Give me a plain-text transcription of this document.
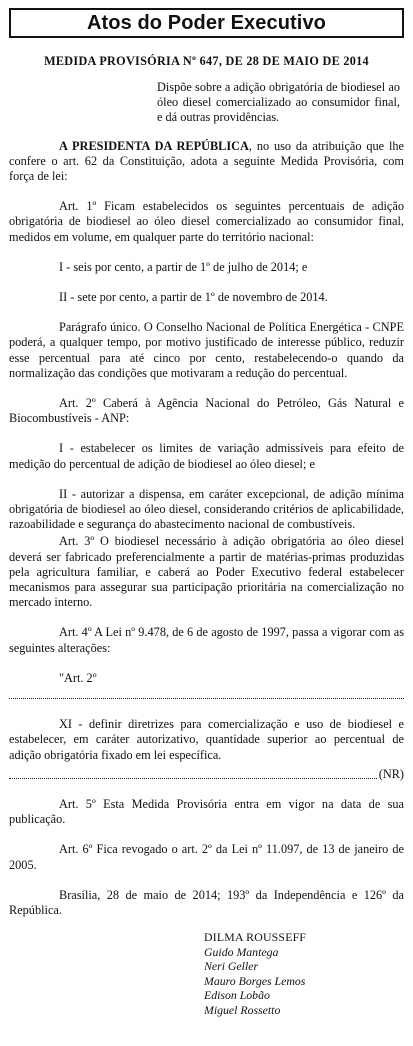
Atos do Poder Executivo
MEDIDA PROVISÓRIA Nº 647, DE 28 DE MAIO DE 2014

Dispõe sobre a adição obrigatória de biodiesel ao óleo diesel comercializado ao consumidor final, e dá outras providências.

A PRESIDENTA DA REPÚBLICA, no uso da atribuição que lhe confere o art. 62 da Constituição, adota a seguinte Medida Provisória, com força de lei:

Art. 1º Ficam estabelecidos os seguintes percentuais de adição obrigatória de biodiesel ao óleo diesel comercializado ao consumidor final, medidos em volume, em qualquer parte do território nacional:

I - seis por cento, a partir de 1º de julho de 2014; e

II - sete por cento, a partir de 1º de novembro de 2014.

Parágrafo único. O Conselho Nacional de Política Energética - CNPE poderá, a qualquer tempo, por motivo justificado de interesse público, reduzir esse percentual para até cinco por cento, restabelecendo-o quando da normalização das condições que motivaram a redução do percentual.

Art. 2º Caberá à Agência Nacional do Petróleo, Gás Natural e Biocombustíveis - ANP:

I - estabelecer os limites de variação admissíveis para efeito de medição do percentual de adição de biodiesel ao óleo diesel; e

II - autorizar a dispensa, em caráter excepcional, de adição mínima obrigatória de biodiesel ao óleo diesel, considerando critérios de aplicabilidade, razoabilidade e segurança do abastecimento nacional de combustíveis.

Art. 3º O biodiesel necessário à adição obrigatória ao óleo diesel deverá ser fabricado preferencialmente a partir de matérias-primas produzidas pela agricultura familiar, e caberá ao Poder Executivo federal estabelecer mecanismos para assegurar sua participação prioritária na comercialização no mercado interno.

Art. 4º A Lei nº 9.478, de 6 de agosto de 1997, passa a vigorar com as seguintes alterações:

"Art. 2º

XI - definir diretrizes para comercialização e uso de biodiesel e estabelecer, em caráter autorizativo, quantidade superior ao percentual de adição obrigatória fixado em lei específica.

(NR)

Art. 5º Esta Medida Provisória entra em vigor na data de sua publicação.

Art. 6º Fica revogado o art. 2º da Lei nº 11.097, de 13 de janeiro de 2005.

Brasília, 28 de maio de 2014; 193º da Independência e 126º da República.

DILMA ROUSSEFF
Guido Mantega
Neri Geller
Mauro Borges Lemos
Edison Lobão
Miguel Rossetto
